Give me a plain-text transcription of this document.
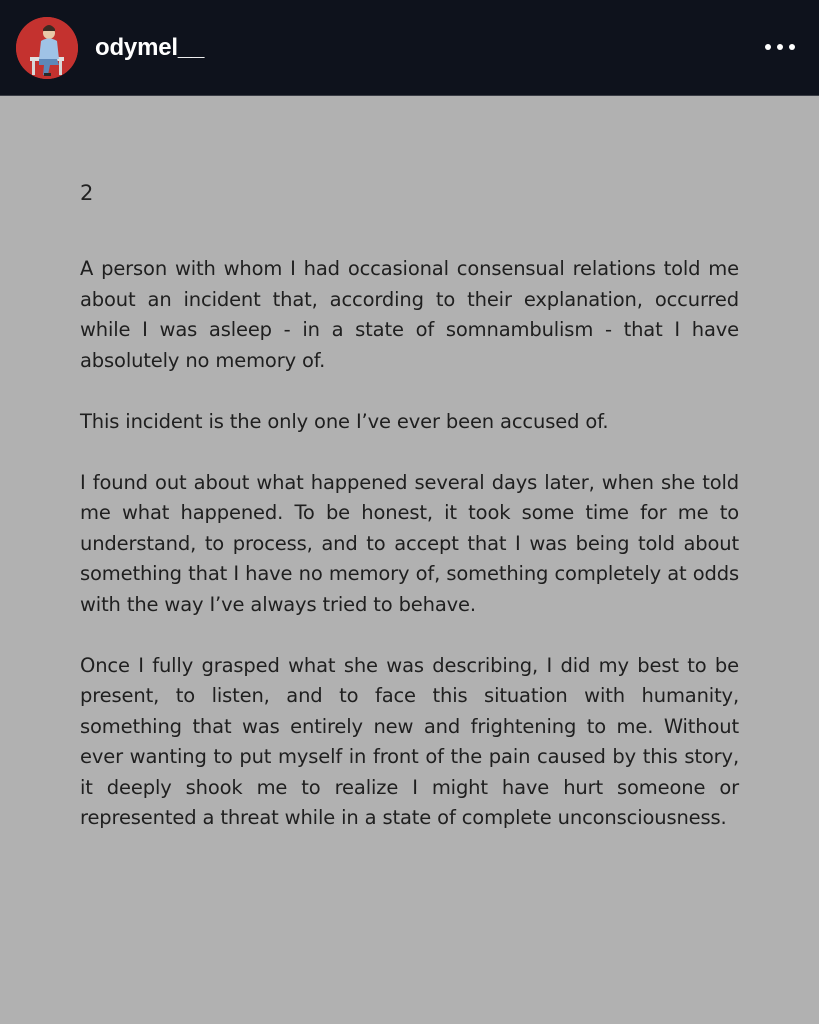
odymel__
2

A person with whom I had occasional consensual relations told me about an incident that, according to their explanation, occurred while I was asleep - in a state of somnambulism - that I have absolutely no memory of.

This incident is the only one I’ve ever been accused of.

I found out about what happened several days later, when she told me what happened. To be honest, it took some time for me to understand, to process, and to accept that I was being told about something that I have no memory of, something completely at odds with the way I’ve always tried to behave.

Once I fully grasped what she was describing, I did my best to be present, to listen, and to face this situation with humanity, something that was entirely new and frightening to me. Without ever wanting to put myself in front of the pain caused by this story, it deeply shook me to realize I might have hurt someone or represented a threat while in a state of complete unconsciousness.
